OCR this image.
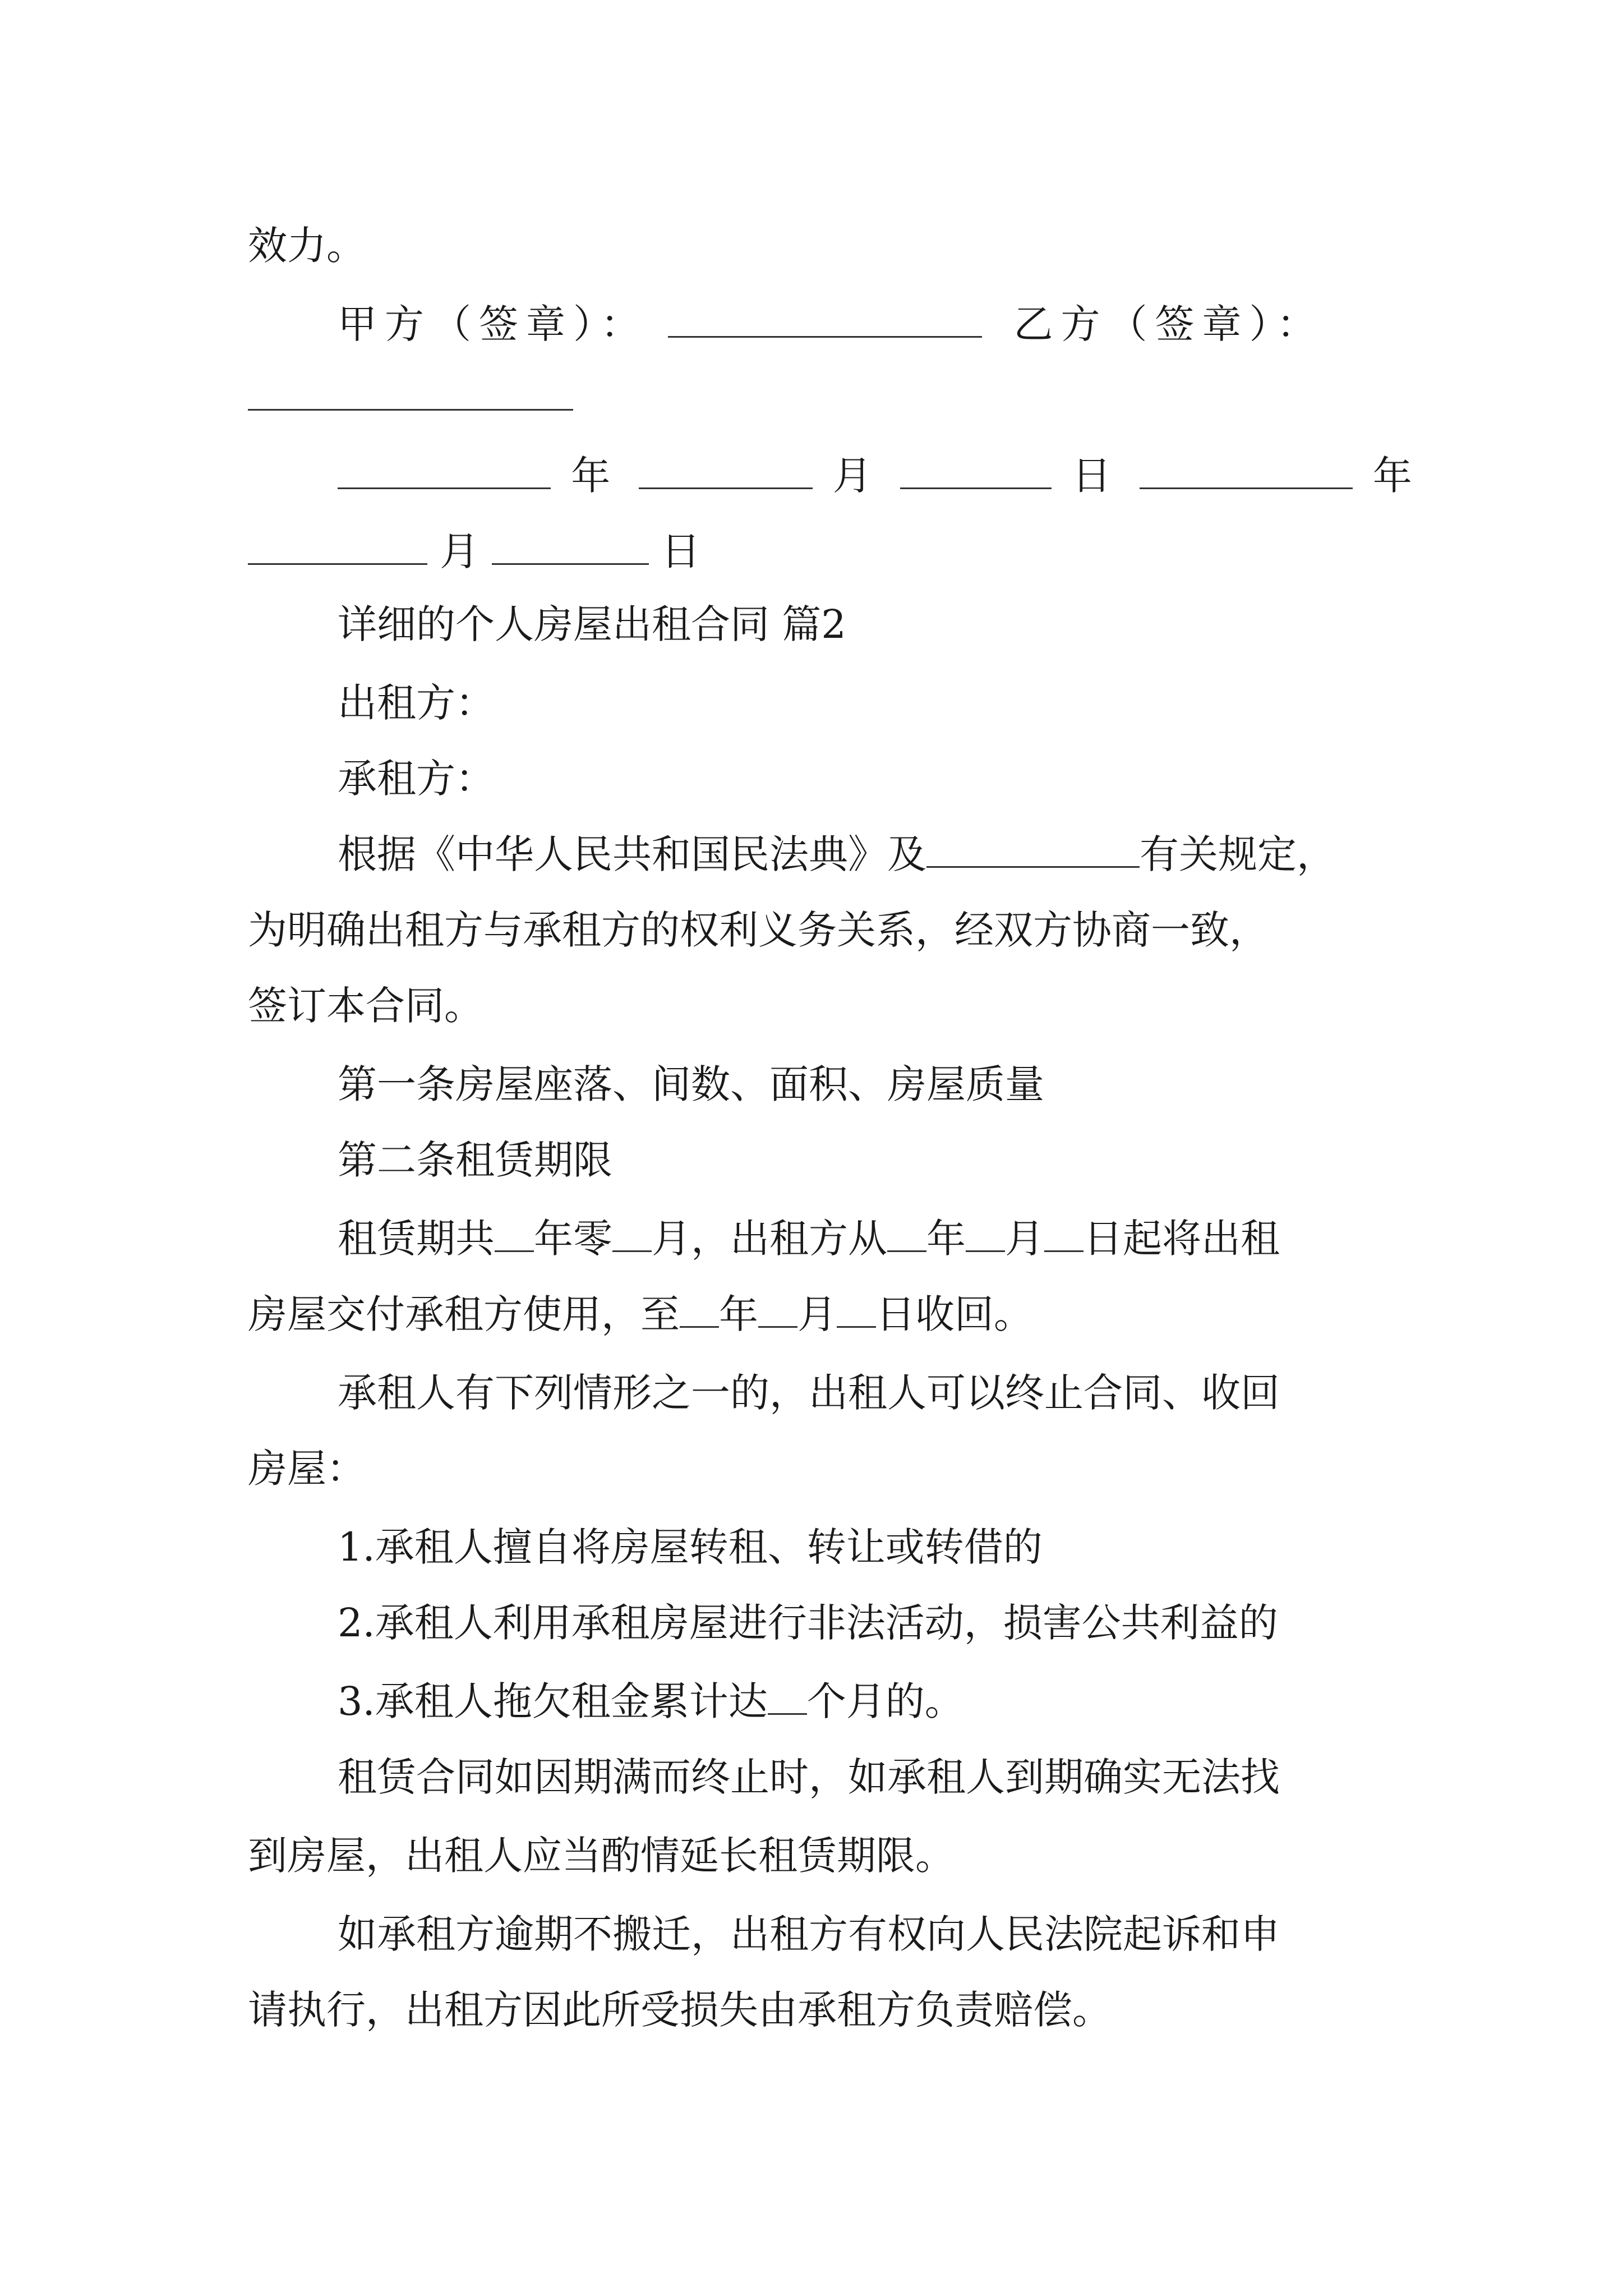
效力。
甲方（签章）：	乙方（签章）：
年	月	日	年
月	日
详细的个人房屋出租合同 篇2
出租方：
承租方：
根据《中华人民共和国民法典》及	有关规定，
为明确出租方与承租方的权利义务关系，经双方协商一致，
签订本合同。
第一条房屋座落、间数、面积、房屋质量
第二条租赁期限
租赁期共 年零 月，出租方从 年 月 日起将出租
房屋交付承租方使用，至 年 月 日收回。
承租人有下列情形之一的，出租人可以终止合同、收回
房屋：
1.承租人擅自将房屋转租、转让或转借的
2.承租人利用承租房屋进行非法活动，损害公共利益的
3.承租人拖欠租金累计达 个月的。
租赁合同如因期满而终止时，如承租人到期确实无法找
到房屋，出租人应当酌情延长租赁期限。
如承租方逾期不搬迁，出租方有权向人民法院起诉和申
请执行，出租方因此所受损失由承租方负责赔偿。
